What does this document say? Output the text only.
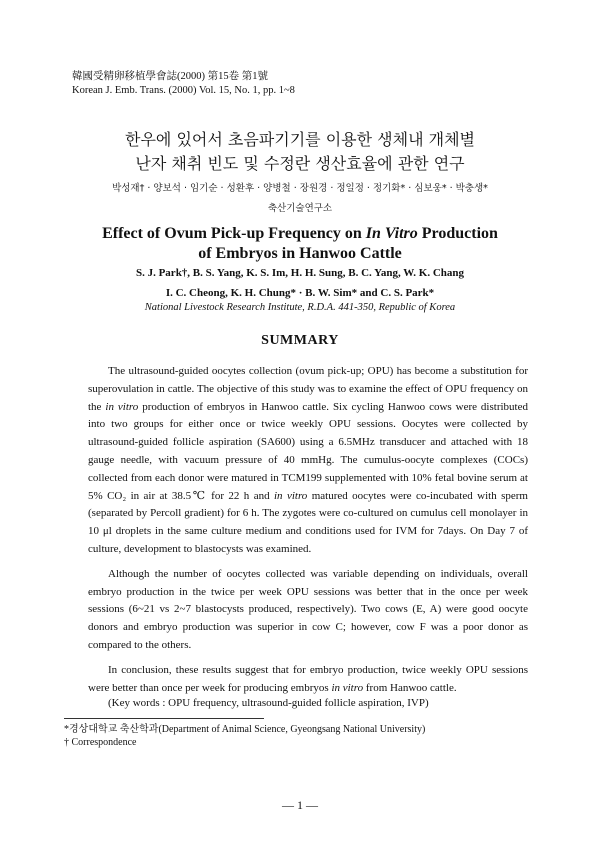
韓國受精卵移植學會誌(2000) 第15卷 第1號
Korean J. Emb. Trans. (2000) Vol. 15, No. 1, pp. 1~8
한우에 있어서 초음파기기를 이용한 생체내 개체별
난자 채취 빈도 및 수정란 생산효율에 관한 연구
박성재† · 양보석 · 임기순 · 성환후 · 양병철 · 장원경 · 정일정 · 정기화* · 심보웅* · 박충생*
축산기술연구소
Effect of Ovum Pick-up Frequency on In Vitro Production
of Embryos in Hanwoo Cattle
S. J. Park†, B. S. Yang, K. S. Im, H. H. Sung, B. C. Yang, W. K. Chang
I. C. Cheong, K. H. Chung* · B. W. Sim* and C. S. Park*
National Livestock Research Institute, R.D.A. 441-350, Republic of Korea
SUMMARY

The ultrasound-guided oocytes collection (ovum pick-up; OPU) has become a substitution for superovulation in cattle. The objective of this study was to examine the effect of OPU frequency on the in vitro production of embryos in Hanwoo cattle. Six cycling Hanwoo cows were distributed into two groups for either once or twice weekly OPU sessions. Oocytes were collected by ultrasound-guided follicle aspiration (SA600) using a 6.5MHz transducer and attached with 18 gauge needle, with vacuum pressure of 40 mmHg. The cumulus-oocyte complexes (COCs) collected from each donor were matured in TCM199 supplemented with 10% fetal bovine serum at 5% CO₂ in air at 38.5℃ for 22 h and in vitro matured oocytes were co-incubated with sperm (separated by Percoll gradient) for 6 h. The zygotes were co-cultured on cumulus cell monolayer in 10 μl droplets in the same culture medium and conditions used for IVM for 7days. On Day 7 of culture, development to blastocysts was examined.

Although the number of oocytes collected was variable depending on individuals, overall embryo production in the twice per week OPU sessions was better that in the once per week sessions (6~21 vs 2~7 blastocysts produced, respectively). Two cows (E, A) were good oocyte donors and embryo production was superior in cow C; however, cow F was a poor donor as compared to the others.

In conclusion, these results suggest that for embryo production, twice weekly OPU sessions were better than once per week for producing embryos in vitro from Hanwoo cattle.

(Key words : OPU frequency, ultrasound-guided follicle aspiration, IVP)
*경상대학교 축산학과(Department of Animal Science, Gyeongsang National University)
† Correspondence
— 1 —
